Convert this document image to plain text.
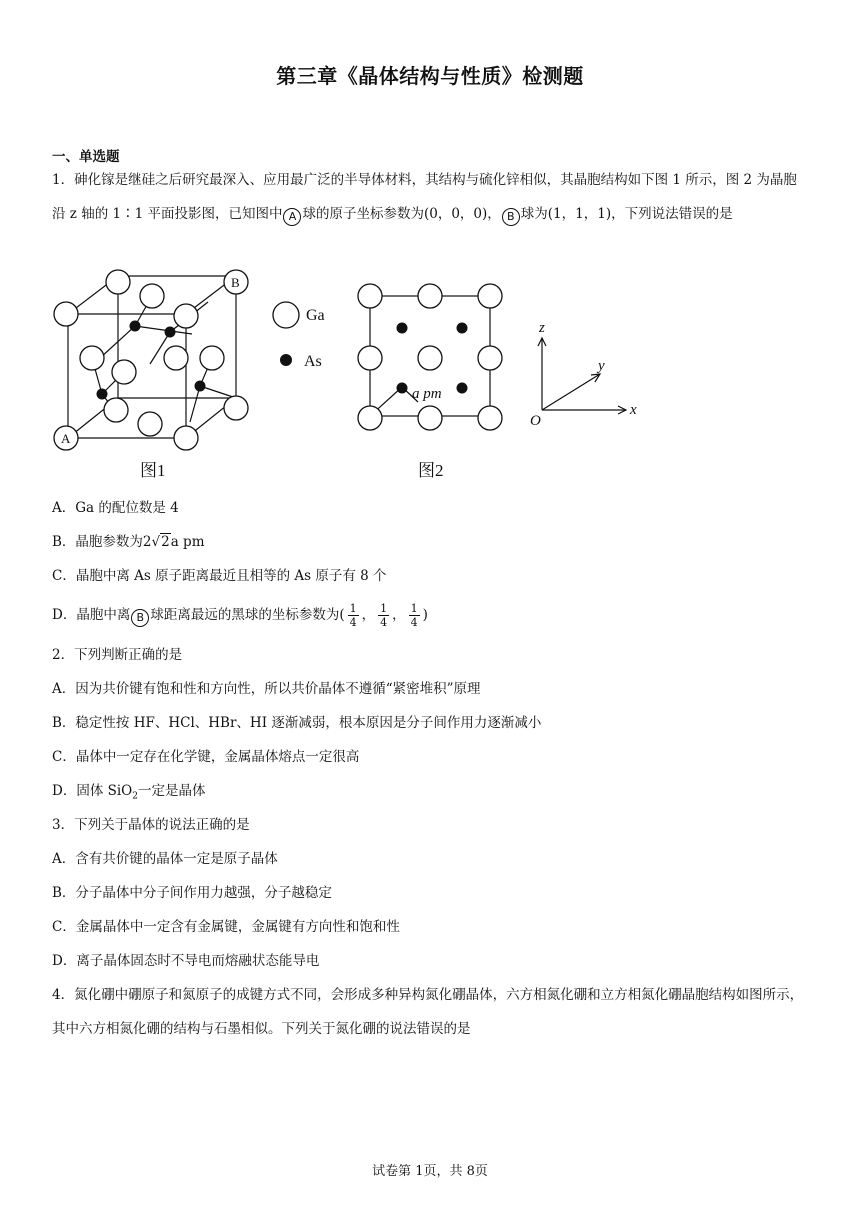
第三章《晶体结构与性质》检测题
一、单选题
1．砷化镓是继硅之后研究最深入、应用最广泛的半导体材料，其结构与硫化锌相似，其晶胞结构如下图 1 所示，图 2 为晶胞沿 z 轴的 1∶1 平面投影图，已知图中 A 球的原子坐标参数为(0，0，0)， B 球为(1，1，1)，下列说法错误的是
A
B
Ga
As
a pm
图1	图2
z
y
x
O
A．Ga 的配位数是 4
B．晶胞参数为2√2a pm
C．晶胞中离 As 原子距离最近且相等的 As 原子有 8 个
D．晶胞中离 B 球距离最远的黑球的坐标参数为( $\frac{1}{4}$ ， $\frac{1}{4}$ ， $\frac{1}{4}$ )
2．下列判断正确的是
A．因为共价键有饱和性和方向性，所以共价晶体不遵循“紧密堆积”原理
B．稳定性按 HF、HCl、HBr、HI 逐渐减弱，根本原因是分子间作用力逐渐减小
C．晶体中一定存在化学键，金属晶体熔点一定很高
D．固体 SiO$_2$一定是晶体
3．下列关于晶体的说法正确的是
A．含有共价键的晶体一定是原子晶体
B．分子晶体中分子间作用力越强，分子越稳定
C．金属晶体中一定含有金属键，金属键有方向性和饱和性
D．离子晶体固态时不导电而熔融状态能导电
4．氮化硼中硼原子和氮原子的成键方式不同，会形成多种异构氮化硼晶体，六方相氮化硼和立方相氮化硼晶胞结构如图所示，其中六方相氮化硼的结构与石墨相似。下列关于氮化硼的说法错误的是
试卷第 1页，共 8页
